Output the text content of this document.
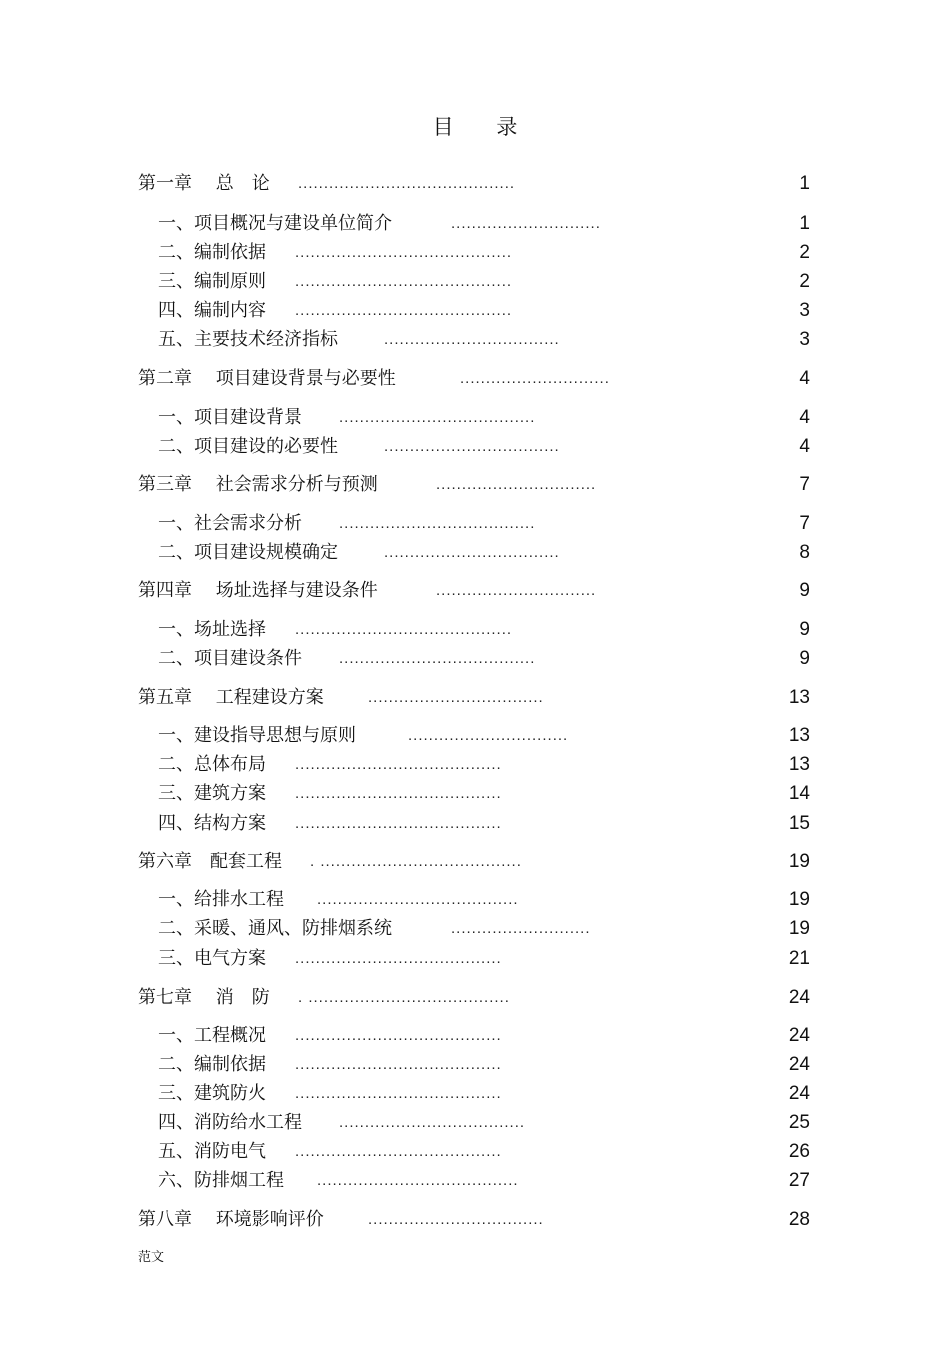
目 录
第一章　 总　论 ..........................................	1
一、项目概况与建设单位简介	.............................	1
二、编制依据 ..........................................	2
三、编制原则 ..........................................	2
四、编制内容 ..........................................	3
五、主要技术经济指标	..................................	3
第二章　 项目建设背景与必要性	.............................	4
一、项目建设背景 ......................................	4
二、项目建设的必要性	..................................	4
第三章　 社会需求分析与预测	...............................	7
一、社会需求分析 ......................................	7
二、项目建设规模确定	..................................	8
第四章　 场址选择与建设条件	...............................	9
一、场址选择 ..........................................	9
二、项目建设条件 ......................................	9
第五章　 工程建设方案	..................................	13
一、建设指导思想与原则	...............................	13
二、总体布局 ........................................	13
三、建筑方案 ........................................	14
四、结构方案 ........................................	15
第六章　配套工程 . .......................................	19
一、给排水工程 .......................................	19
二、采暖、通风、防排烟系统	...........................	19
三、电气方案 ........................................	21
第七章　 消　防 . .......................................	24
一、工程概况 ........................................	24
二、编制依据 ........................................	24
三、建筑防火 ........................................	24
四、消防给水工程 ....................................	25
五、消防电气 ........................................	26
六、防排烟工程 .......................................	27
第八章　 环境影响评价	..................................	28
范文
